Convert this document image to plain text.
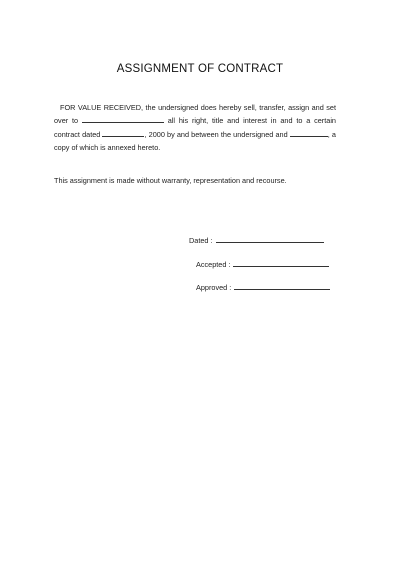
ASSIGNMENT OF CONTRACT
FOR VALUE RECEIVED, the undersigned does hereby sell, transfer, assign and set over to	all his right, title and interest in and to a certain contract dated	, 2000 by and between the undersigned and	, a copy of which is annexed hereto.
This assignment is made without warranty, representation and recourse.
Dated :
Accepted :
Approved :
